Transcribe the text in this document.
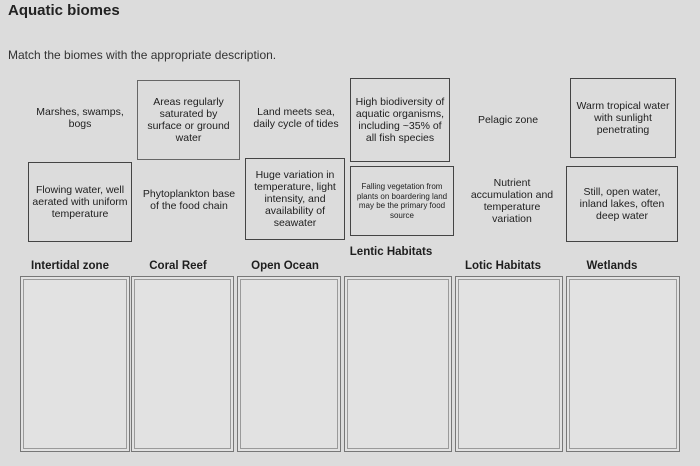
Aquatic biomes
Match the biomes with the appropriate description.
Marshes, swamps, bogs
Areas regularly saturated by surface or ground water
Land meets sea, daily cycle of tides
High biodiversity of aquatic organisms, including ~35% of all fish species
Pelagic zone
Warm tropical water with sunlight penetrating
Flowing water, well aerated with uniform temperature
Phytoplankton base of the food chain
Huge variation in temperature, light intensity, and availability of seawater
Falling vegetation from plants on boardering land may be the primary food source
Nutrient accumulation and temperature variation
Still, open water, inland lakes, often deep water
Intertidal zone	Coral Reef	Open Ocean
Lentic Habitats
Lotic Habitats	Wetlands
